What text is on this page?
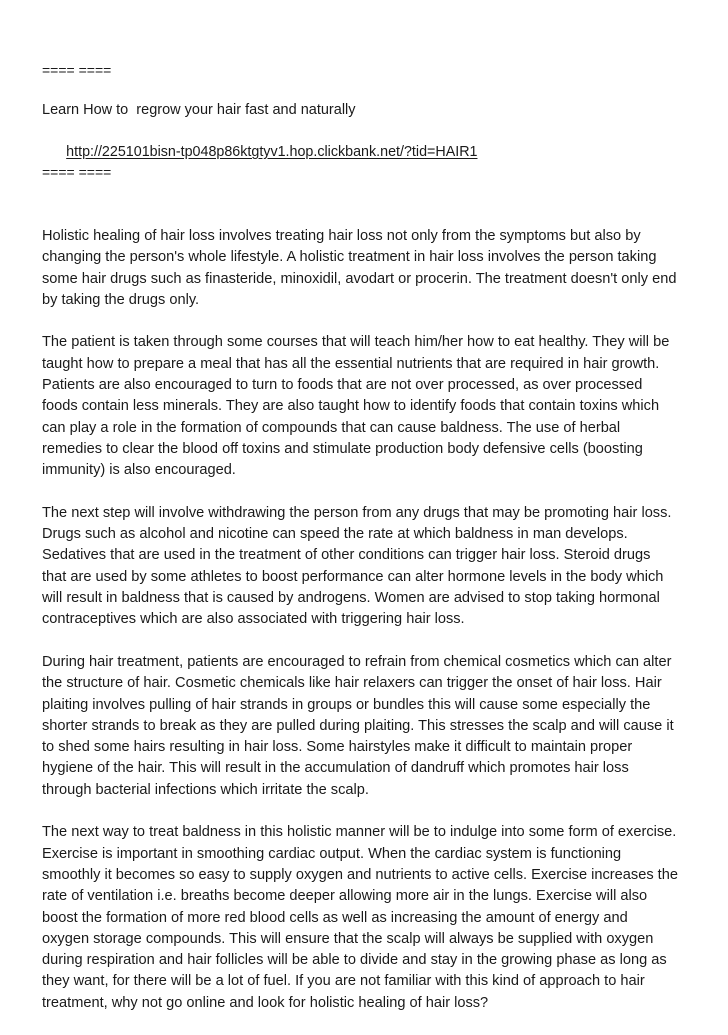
==== ====
Learn How to  regrow your hair fast and naturally

http://225101bisn-tp048p86ktgtyv1.hop.clickbank.net/?tid=HAIR1

==== ====

Holistic healing of hair loss involves treating hair loss not only from the symptoms but also by
changing the person's whole lifestyle. A holistic treatment in hair loss involves the person taking
some hair drugs such as finasteride, minoxidil, avodart or procerin. The treatment doesn't only end
by taking the drugs only.

The patient is taken through some courses that will teach him/her how to eat healthy. They will be
taught how to prepare a meal that has all the essential nutrients that are required in hair growth.
Patients are also encouraged to turn to foods that are not over processed, as over processed
foods contain less minerals. They are also taught how to identify foods that contain toxins which
can play a role in the formation of compounds that can cause baldness. The use of herbal
remedies to clear the blood off toxins and stimulate production body defensive cells (boosting
immunity) is also encouraged.

The next step will involve withdrawing the person from any drugs that may be promoting hair loss.
Drugs such as alcohol and nicotine can speed the rate at which baldness in man develops.
Sedatives that are used in the treatment of other conditions can trigger hair loss. Steroid drugs
that are used by some athletes to boost performance can alter hormone levels in the body which
will result in baldness that is caused by androgens. Women are advised to stop taking hormonal
contraceptives which are also associated with triggering hair loss.

During hair treatment, patients are encouraged to refrain from chemical cosmetics which can alter
the structure of hair. Cosmetic chemicals like hair relaxers can trigger the onset of hair loss. Hair
plaiting involves pulling of hair strands in groups or bundles this will cause some especially the
shorter strands to break as they are pulled during plaiting. This stresses the scalp and will cause it
to shed some hairs resulting in hair loss. Some hairstyles make it difficult to maintain proper
hygiene of the hair. This will result in the accumulation of dandruff which promotes hair loss
through bacterial infections which irritate the scalp.

The next way to treat baldness in this holistic manner will be to indulge into some form of exercise.
Exercise is important in smoothing cardiac output. When the cardiac system is functioning
smoothly it becomes so easy to supply oxygen and nutrients to active cells. Exercise increases the
rate of ventilation i.e. breaths become deeper allowing more air in the lungs. Exercise will also
boost the formation of more red blood cells as well as increasing the amount of energy and
oxygen storage compounds. This will ensure that the scalp will always be supplied with oxygen
during respiration and hair follicles will be able to divide and stay in the growing phase as long as
they want, for there will be a lot of fuel. If you are not familiar with this kind of approach to hair
treatment, why not go online and look for holistic healing of hair loss?
